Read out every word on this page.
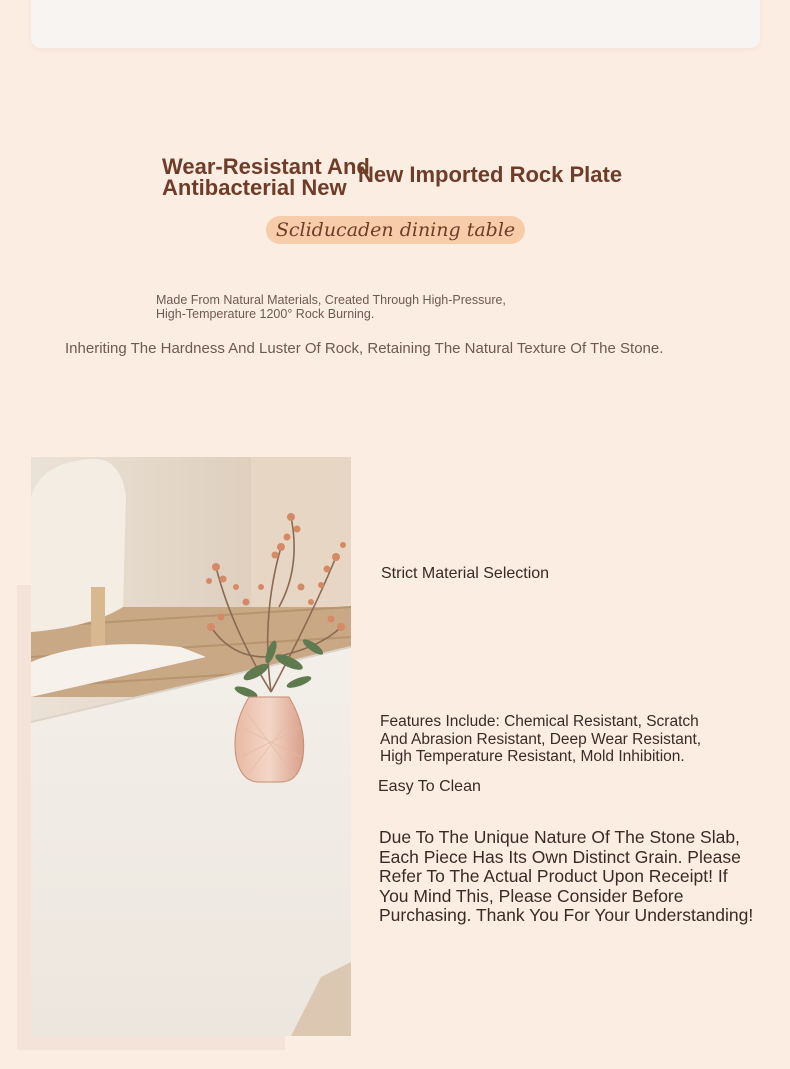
Wear-Resistant And Antibacterial New
New Imported Rock Plate
Scliducaden dining table

Made From Natural Materials, Created Through High-Pressure, High-Temperature 1200° Rock Burning.

Inheriting The Hardness And Luster Of Rock, Retaining The Natural Texture Of The Stone.

Strict Material Selection

Features Include: Chemical Resistant, Scratch And Abrasion Resistant, Deep Wear Resistant, High Temperature Resistant, Mold Inhibition.

Easy To Clean

Due To The Unique Nature Of The Stone Slab, Each Piece Has Its Own Distinct Grain. Please Refer To The Actual Product Upon Receipt! If You Mind This, Please Consider Before Purchasing. Thank You For Your Understanding!
